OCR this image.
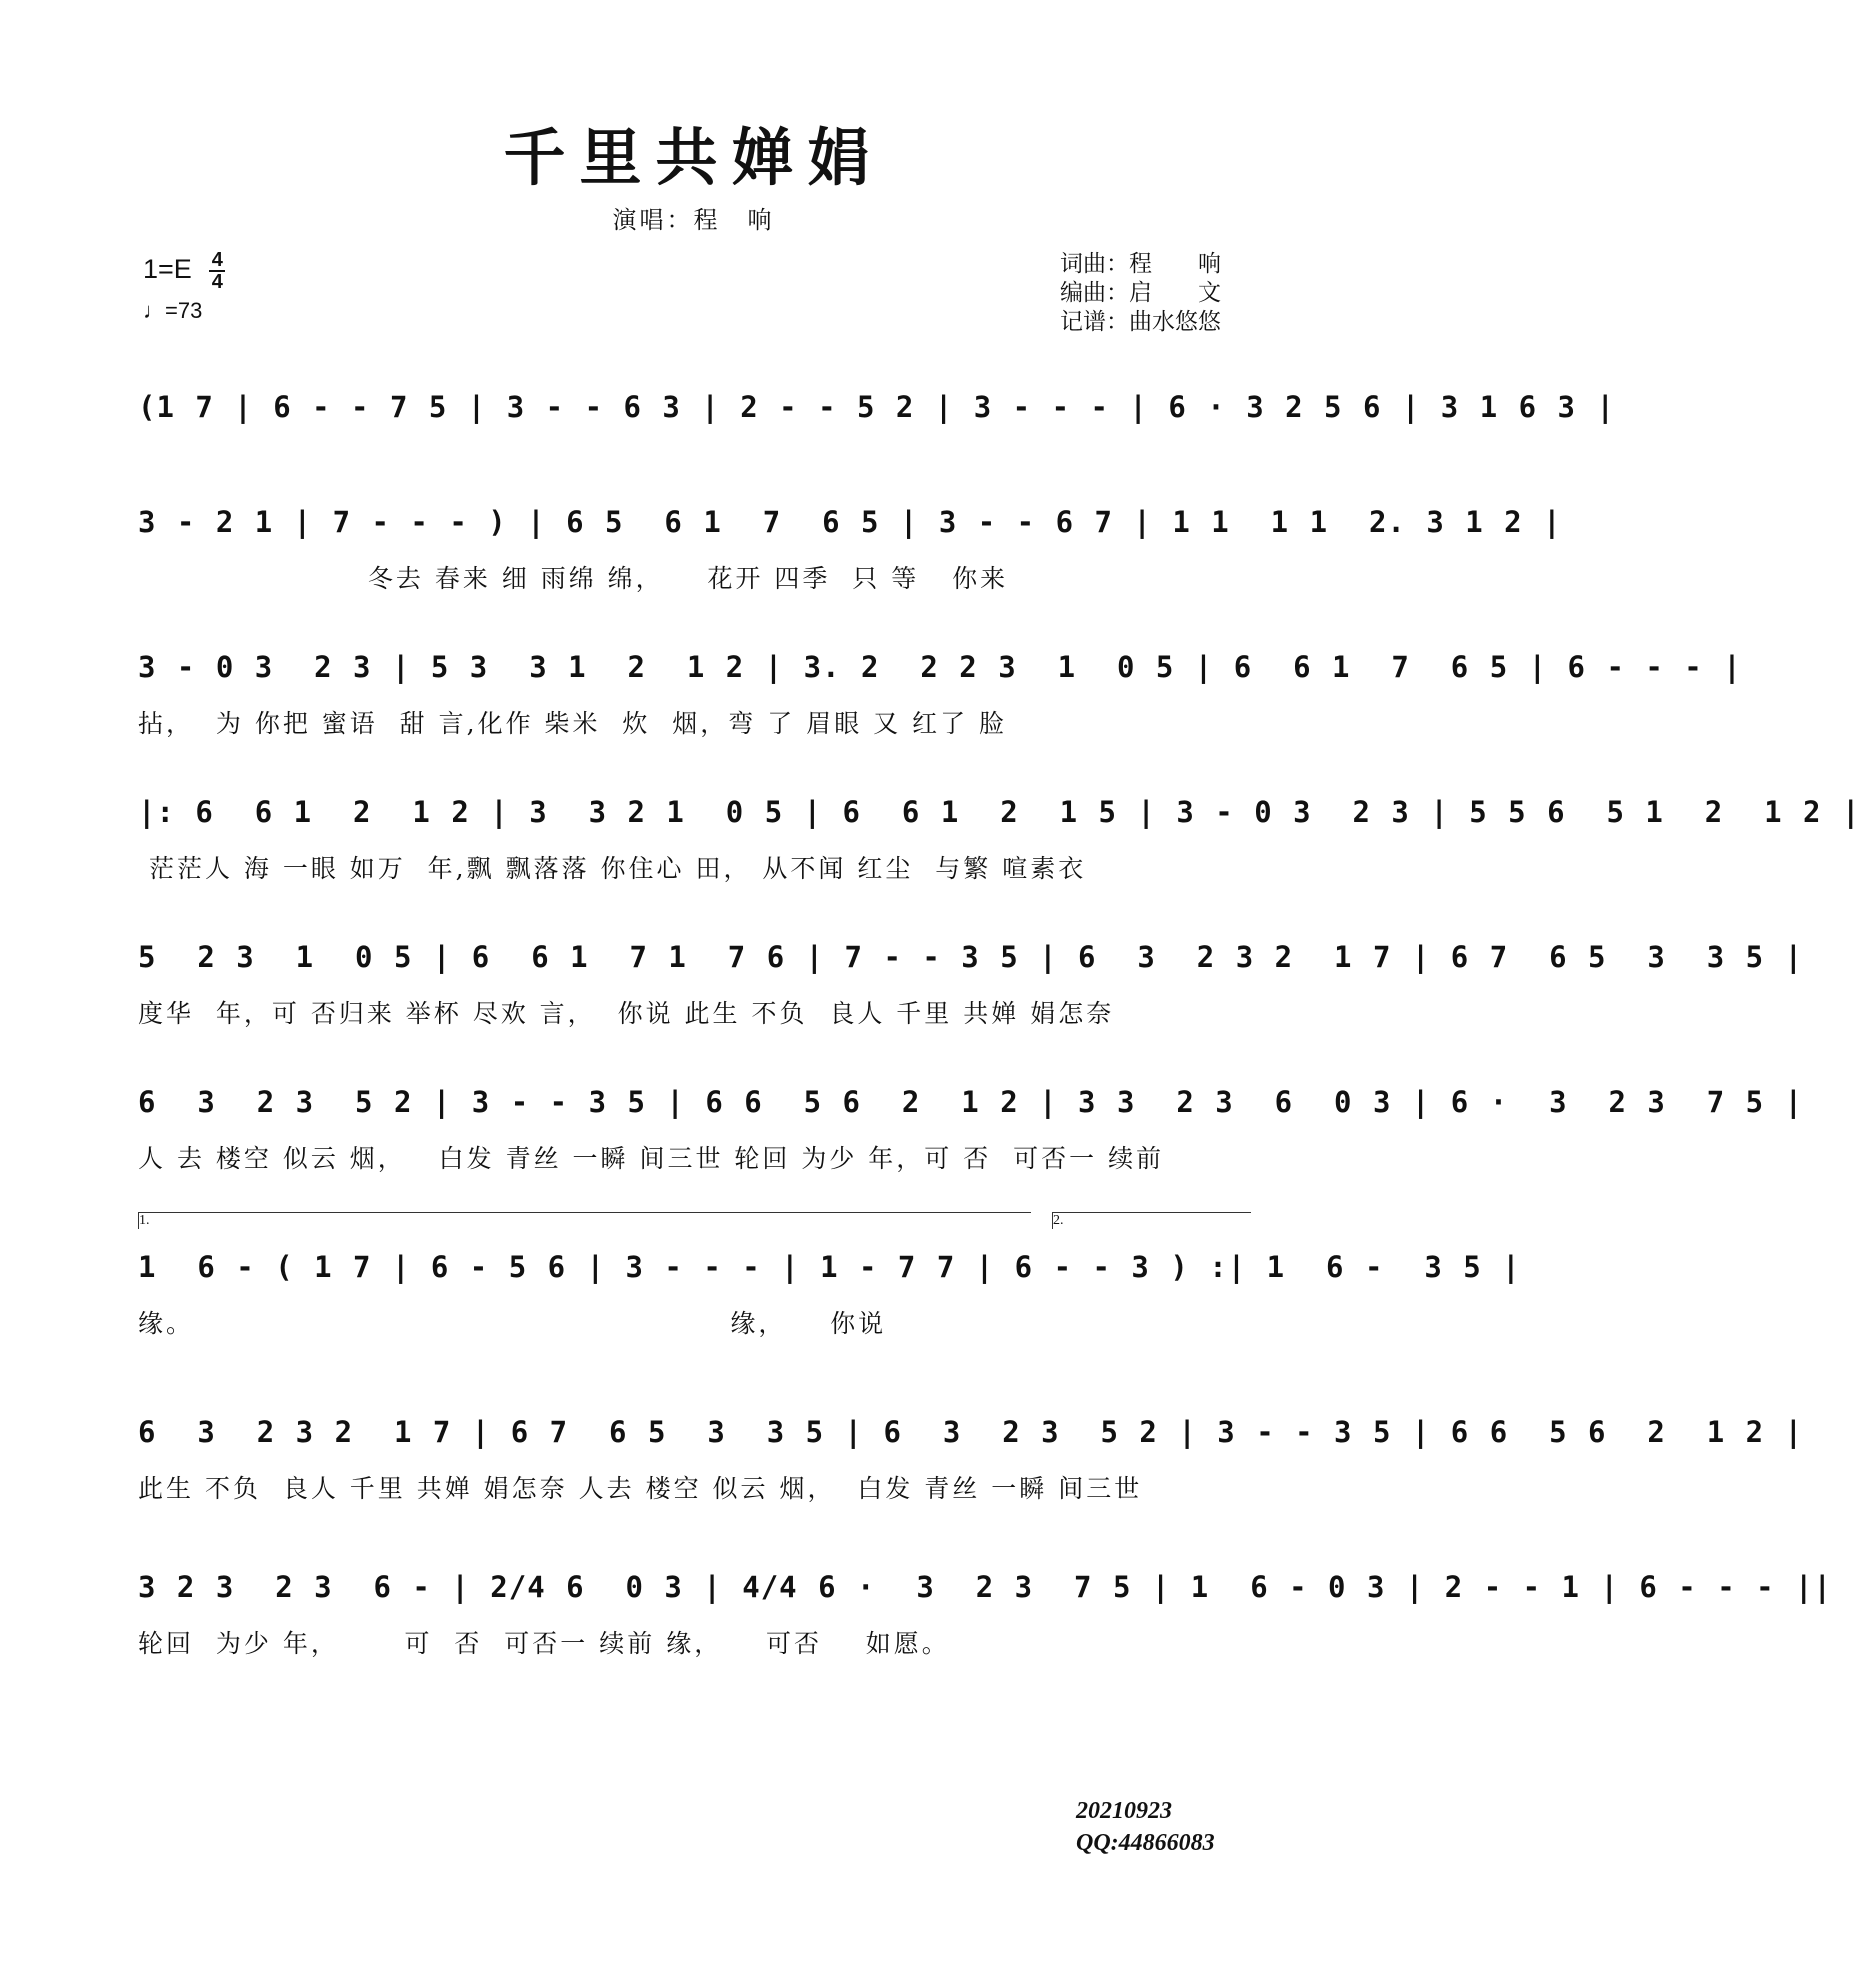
千里共婵娟
演唱：程　响
$1=E \frac{4}{4}$
♩=73
词曲：程　　响
编曲：启　　文
记谱：曲水悠悠
(1 7 | 6 - - 7 5 | 3 - - 6 3 | 2 - - 5 2 | 3 - - - | 6 · 3 2 5 6 | 3 1 6 3 |
3 - 2 1 | 7 - - - ) | 6 5  6 1  7  6 5 | 3 - - 6 7 | 1 1  1 1  2. 3 1 2 |
冬去 春来 细 雨绵 绵，    花开 四季  只 等   你来
3 - 0 3  2 3 | 5 3  3 1  2  1 2 | 3. 2  2 2 3  1  0 5 | 6  6 1  7  6 5 | 6 - - - |
拈，  为 你把 蜜语  甜 言,化作 柴米  炊  烟，弯 了 眉眼 又 红了 脸
|: 6  6 1  2  1 2 | 3  3 2 1  0 5 | 6  6 1  2  1 5 | 3 - 0 3  2 3 | 5 5 6  5 1  2  1 2 |
茫茫人 海 一眼 如万  年,飘 飘落落 你住心 田， 从不闻 红尘  与繁 喧素衣
5  2 3  1  0 5 | 6  6 1  7 1  7 6 | 7 - - 3 5 | 6  3  2 3 2  1 7 | 6 7  6 5  3  3 5 |
度华  年，可 否归来 举杯 尽欢 言，  你说 此生 不负  良人 千里 共婵 娟怎奈
6  3  2 3  5 2 | 3 - - 3 5 | 6 6  5 6  2  1 2 | 3 3  2 3  6  0 3 | 6 ·  3  2 3  7 5 |
人 去 楼空 似云 烟，   白发 青丝 一瞬 间三世 轮回 为少 年，可 否  可否一 续前
1.	2.
1  6 - ( 1 7 | 6 - 5 6 | 3 - - - | 1 - 7 7 | 6 - - 3 ) :| 1  6 -  3 5 |
缘。                                                 缘，    你说
6  3  2 3 2  1 7 | 6 7  6 5  3  3 5 | 6  3  2 3  5 2 | 3 - - 3 5 | 6 6  5 6  2  1 2 |
此生 不负  良人 千里 共婵 娟怎奈 人去 楼空 似云 烟，  白发 青丝 一瞬 间三世
3 2 3  2 3  6 - | 2/4 6  0 3 | 4/4 6 ·  3  2 3  7 5 | 1  6 - 0 3 | 2 - - 1 | 6 - - - ||
轮回  为少 年，      可  否  可否一 续前 缘，    可否    如愿。
20210923
QQ:44866083
